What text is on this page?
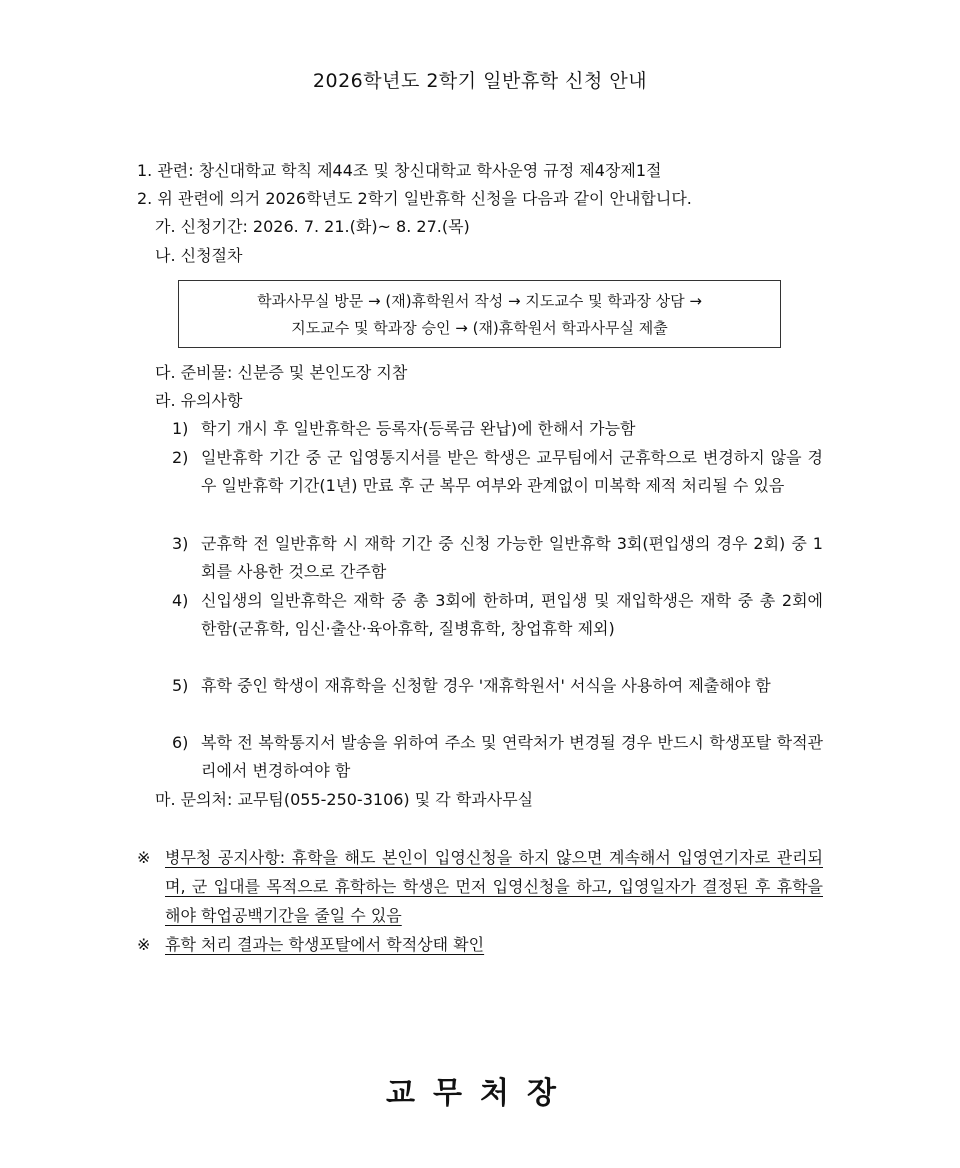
2026학년도 2학기 일반휴학 신청 안내
1. 관련: 창신대학교 학칙 제44조 및 창신대학교 학사운영 규정 제4장제1절
2. 위 관련에 의거 2026학년도 2학기 일반휴학 신청을 다음과 같이 안내합니다.
가. 신청기간: 2026. 7. 21.(화)~ 8. 27.(목)
나. 신청절차
학과사무실 방문 → (재)휴학원서 작성 → 지도교수 및 학과장 상담 →
지도교수 및 학과장 승인 → (재)휴학원서 학과사무실 제출
다. 준비물: 신분증 및 본인도장 지참
라. 유의사항
1) 학기 개시 후 일반휴학은 등록자(등록금 완납)에 한해서 가능함
2) 일반휴학 기간 중 군 입영통지서를 받은 학생은 교무팀에서 군휴학으로 변경하지 않을 경우 일반휴학 기간(1년) 만료 후 군 복무 여부와 관계없이 미복학 제적 처리될 수 있음
3) 군휴학 전 일반휴학 시 재학 기간 중 신청 가능한 일반휴학 3회(편입생의 경우 2회) 중 1회를 사용한 것으로 간주함
4) 신입생의 일반휴학은 재학 중 총 3회에 한하며, 편입생 및 재입학생은 재학 중 총 2회에 한함(군휴학, 임신·출산·육아휴학, 질병휴학, 창업휴학 제외)
5) 휴학 중인 학생이 재휴학을 신청할 경우 '재휴학원서' 서식을 사용하여 제출해야 함
6) 복학 전 복학통지서 발송을 위하여 주소 및 연락처가 변경될 경우 반드시 학생포탈 학적관리에서 변경하여야 함
마. 문의처: 교무팀(055-250-3106) 및 각 학과사무실
※ 병무청 공지사항: 휴학을 해도 본인이 입영신청을 하지 않으면 계속해서 입영연기자로 관리되며, 군 입대를 목적으로 휴학하는 학생은 먼저 입영신청을 하고, 입영일자가 결정된 후 휴학을 해야 학업공백기간을 줄일 수 있음
※ 휴학 처리 결과는 학생포탈에서 학적상태 확인
교무처장
